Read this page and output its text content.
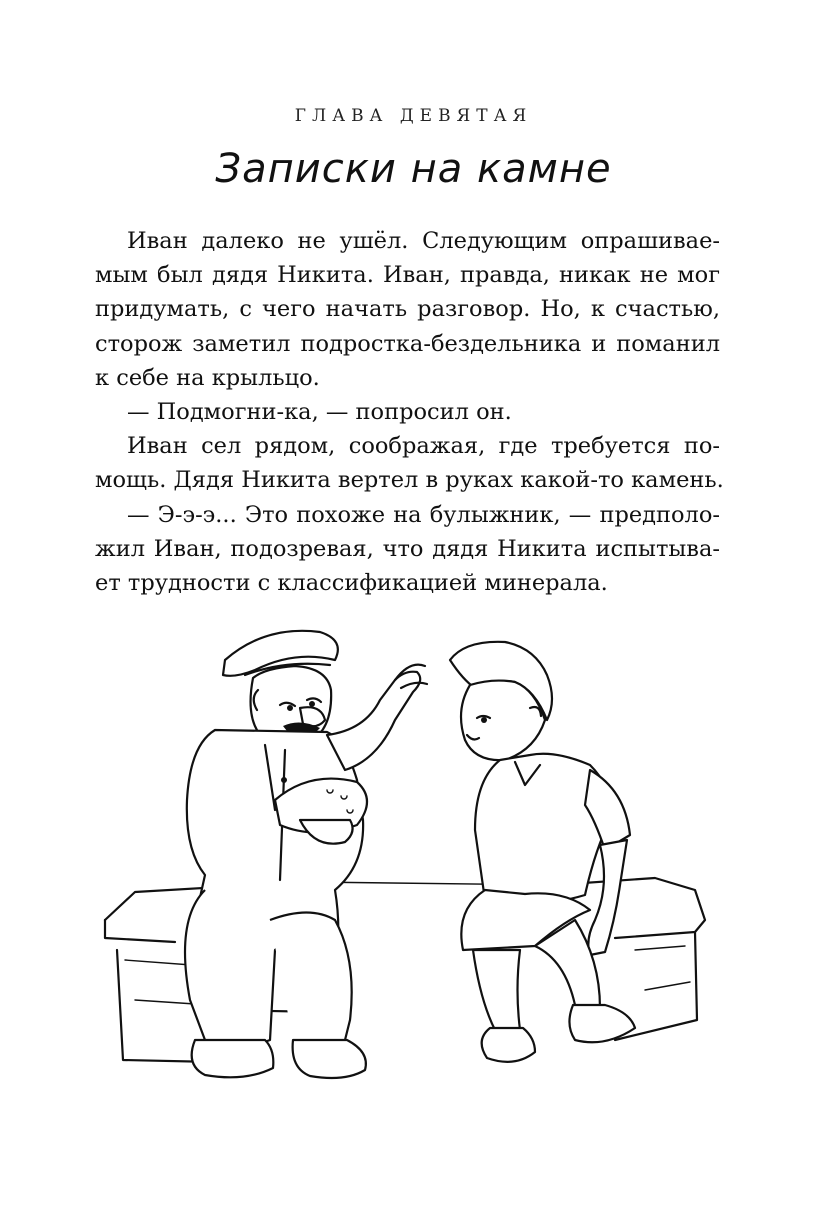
ГЛАВА ДЕВЯТАЯ
Записки на камне
Иван далеко не ушёл. Следующим опрашивае-
мым был дядя Никита. Иван, правда, никак не мог
придумать, с чего начать разговор. Но, к счастью,
сторож заметил подростка-бездельника и поманил
к себе на крыльцо.
— Подмогни-ка, — попросил он.
Иван сел рядом, соображая, где требуется по-
мощь. Дядя Никита вертел в руках какой-то камень.
— Э-э-э... Это похоже на булыжник, — предполо-
жил Иван, подозревая, что дядя Никита испытыва-
ет трудности с классификацией минерала.
